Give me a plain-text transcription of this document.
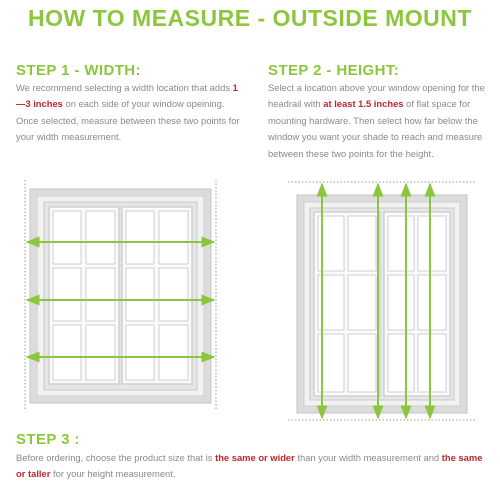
HOW TO MEASURE - OUTSIDE MOUNT
STEP 1 - WIDTH:
We recommend selecting a width location that adds 1—3 inches on each side of your window opeining. Once selected, measure between these two points for your width measurement.
STEP 2 - HEIGHT:
Select a location above your window opening for the headrail with at least 1.5 inches of flat space for mounting hardware. Then select how far below the window you want your shade to reach and measure between these two points for the height.
STEP 3 :
Before ordering, choose the product size that is the same or wider than your width measurement and the same or taller for your height measurement.
